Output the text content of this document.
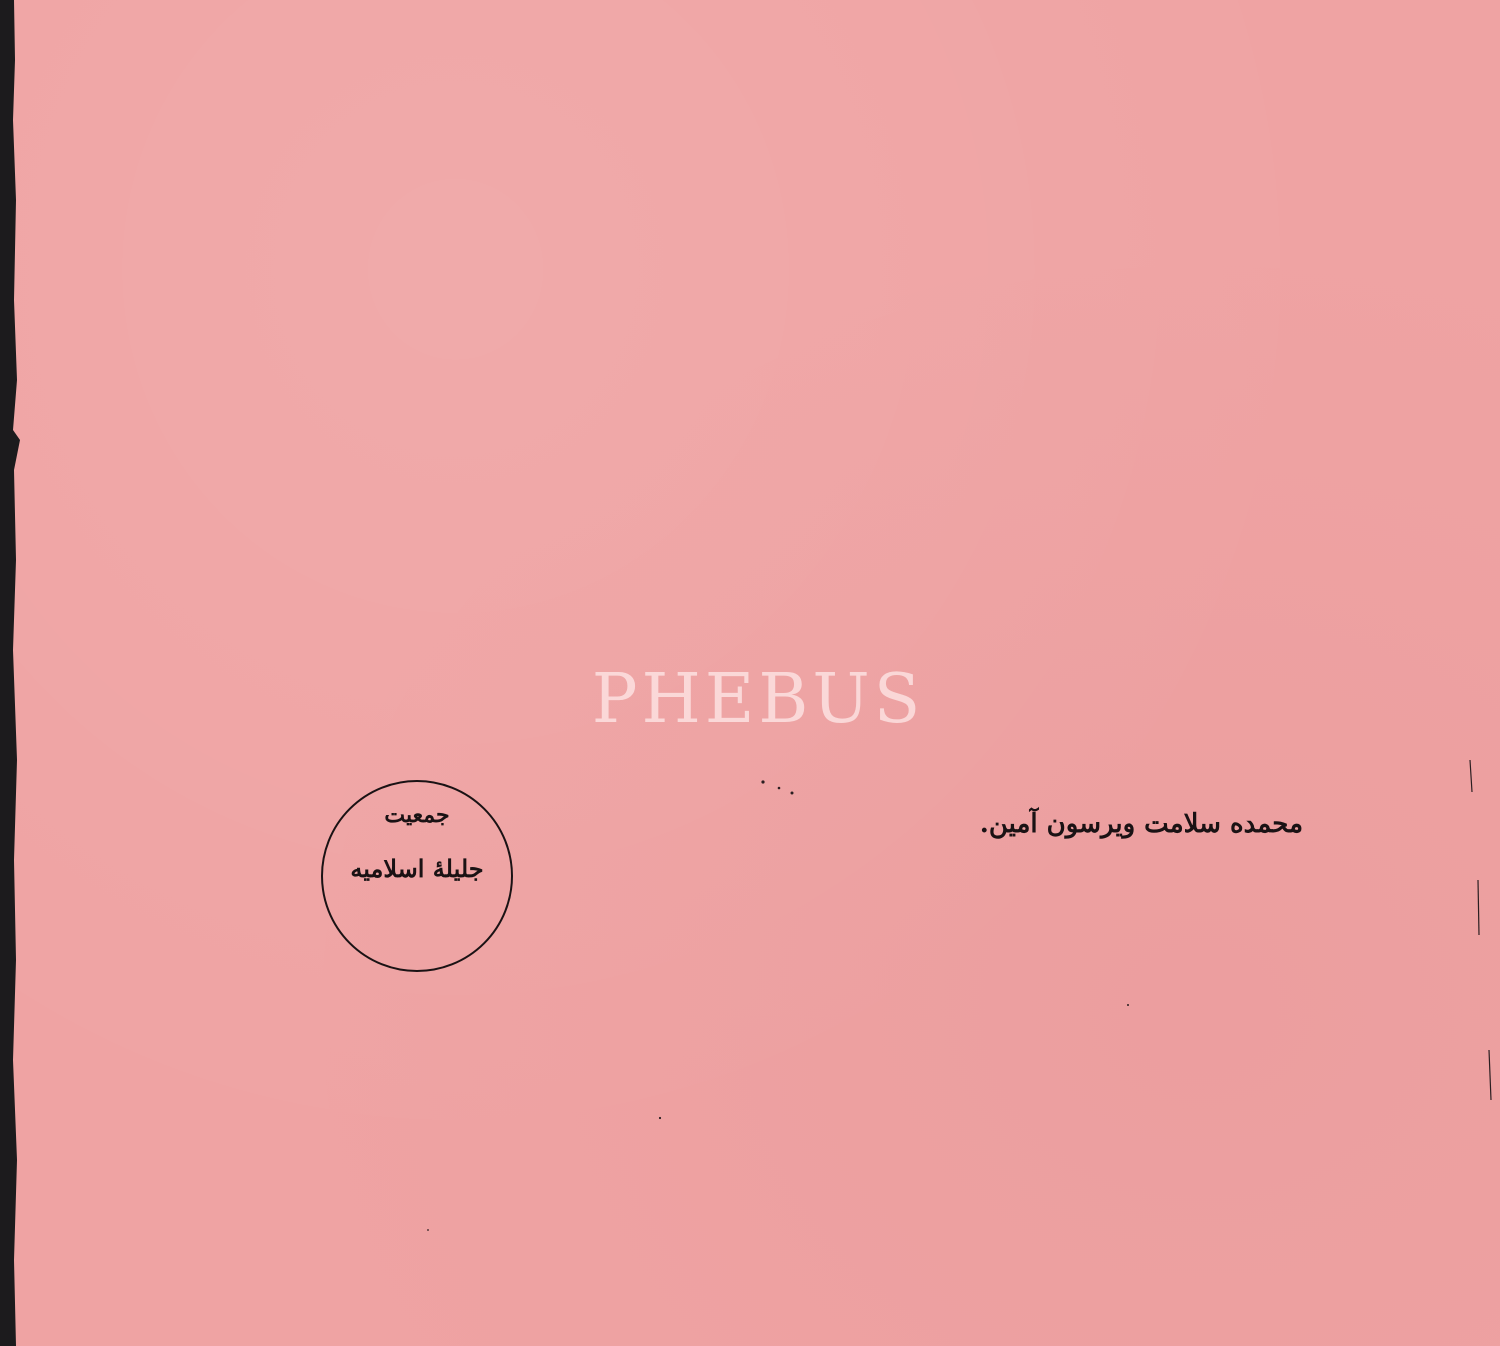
محمده سلامت ويرسون آمين.
PHEBUS
جمعيت
جليلهٔ اسلاميه
